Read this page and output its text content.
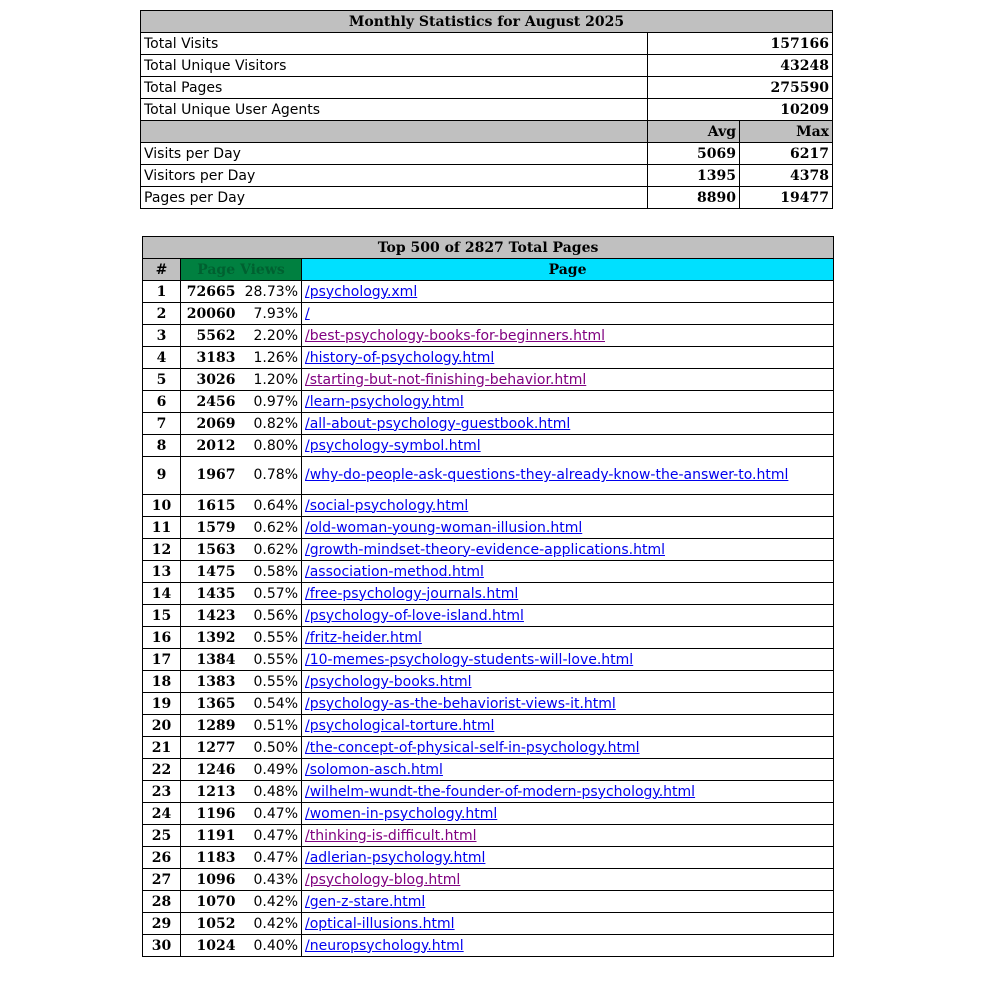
Monthly Statistics for August 2025		
Total Visits	157166	
Total Unique Visitors	43248	
Total Pages	275590	
Total Unique User Agents	10209	
	Avg	Max
Visits per Day	5069	6217
Visitors per Day	1395	4378
Pages per Day	8890	19477
Top 500 of 2827 Total Pages			
#	Page Views		Page
1	72665	28.73%	/psychology.xml
2	20060	7.93%	/
3	5562	2.20%	/best-psychology-books-for-beginners.html
4	3183	1.26%	/history-of-psychology.html
5	3026	1.20%	/starting-but-not-finishing-behavior.html
6	2456	0.97%	/learn-psychology.html
7	2069	0.82%	/all-about-psychology-guestbook.html
8	2012	0.80%	/psychology-symbol.html
9	1967	0.78%	/why-do-people-ask-questions-they-already-know-the-answer-to.html
10	1615	0.64%	/social-psychology.html
11	1579	0.62%	/old-woman-young-woman-illusion.html
12	1563	0.62%	/growth-mindset-theory-evidence-applications.html
13	1475	0.58%	/association-method.html
14	1435	0.57%	/free-psychology-journals.html
15	1423	0.56%	/psychology-of-love-island.html
16	1392	0.55%	/fritz-heider.html
17	1384	0.55%	/10-memes-psychology-students-will-love.html
18	1383	0.55%	/psychology-books.html
19	1365	0.54%	/psychology-as-the-behaviorist-views-it.html
20	1289	0.51%	/psychological-torture.html
21	1277	0.50%	/the-concept-of-physical-self-in-psychology.html
22	1246	0.49%	/solomon-asch.html
23	1213	0.48%	/wilhelm-wundt-the-founder-of-modern-psychology.html
24	1196	0.47%	/women-in-psychology.html
25	1191	0.47%	/thinking-is-difficult.html
26	1183	0.47%	/adlerian-psychology.html
27	1096	0.43%	/psychology-blog.html
28	1070	0.42%	/gen-z-stare.html
29	1052	0.42%	/optical-illusions.html
30	1024	0.40%	/neuropsychology.html
